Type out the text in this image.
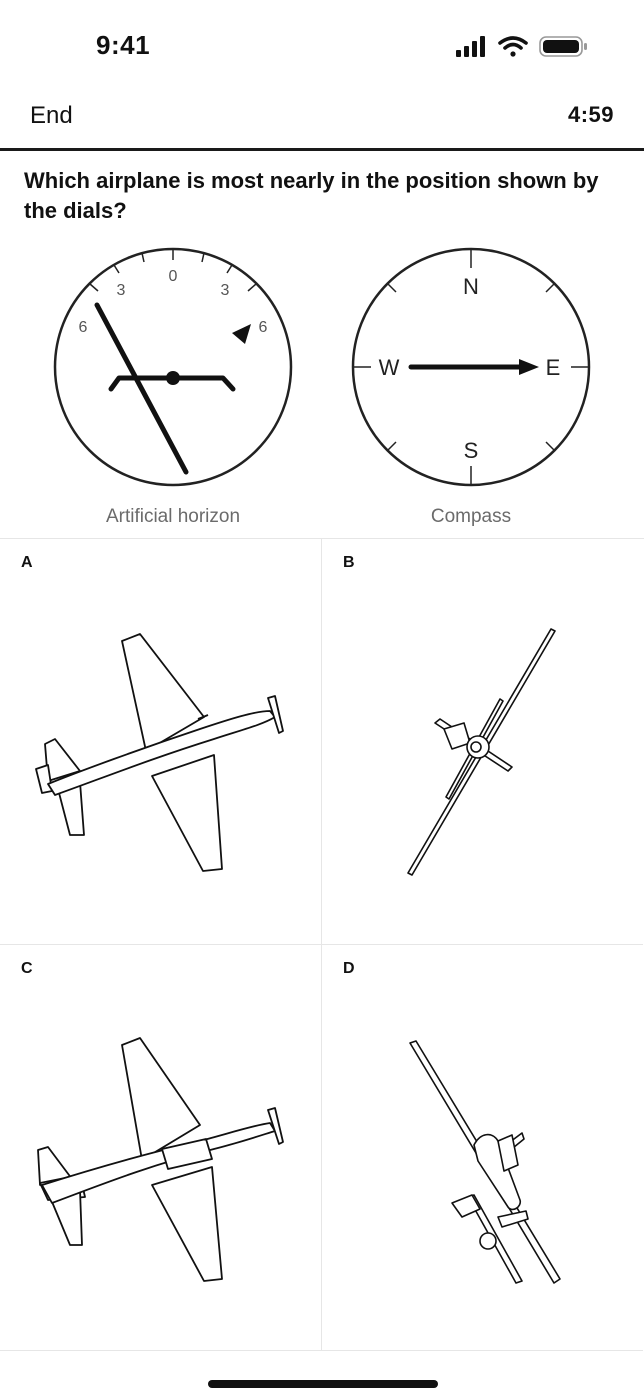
9:41
End	4:59
Which airplane is most nearly in the position shown by the dials?
3
0
3
6	6
Artificial horizon
N
S
W	E
Compass
A	B
C	D
